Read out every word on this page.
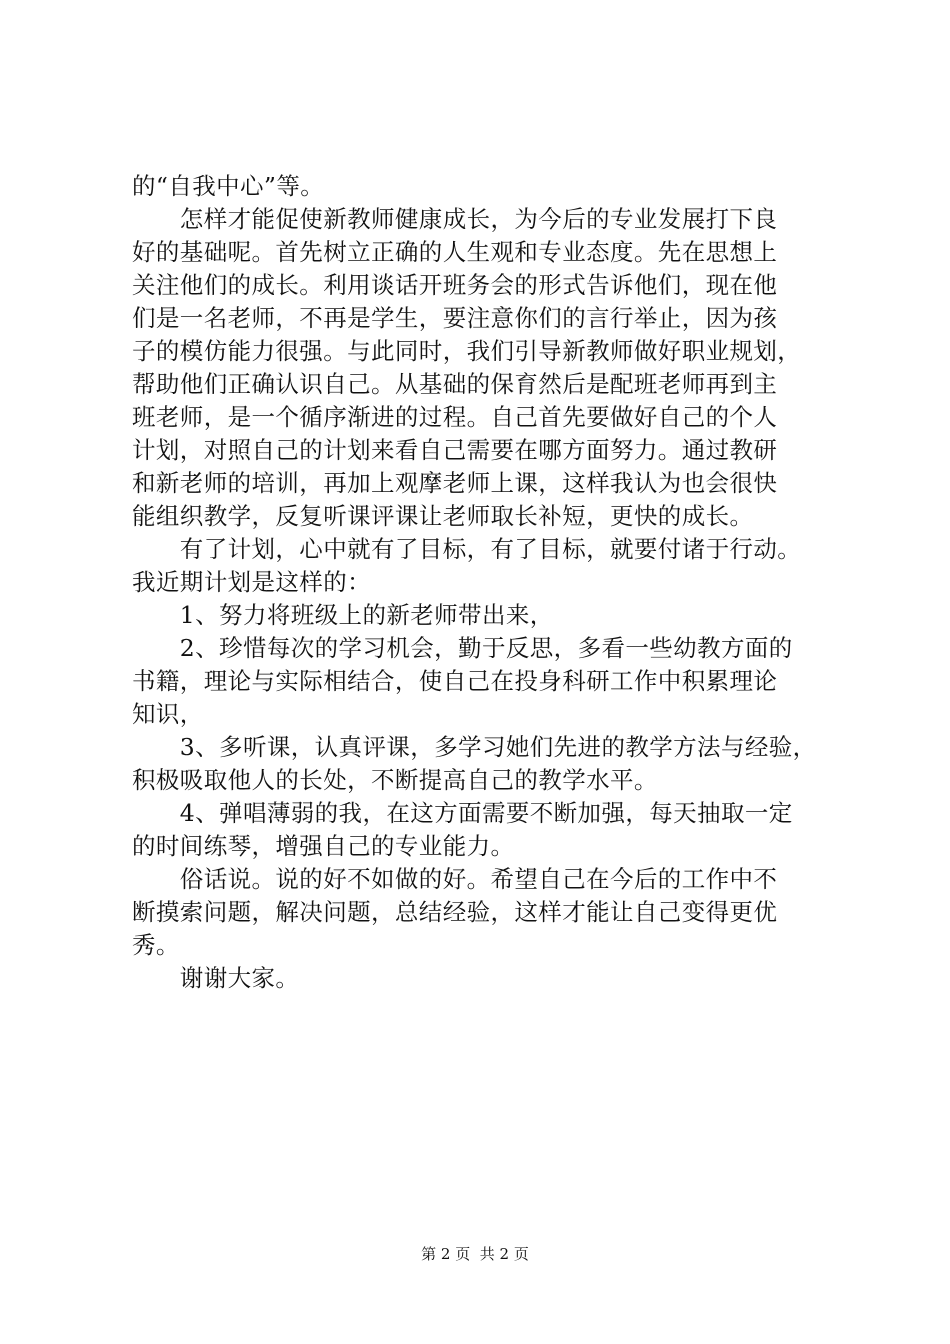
的“自我中心”等。
　　怎样才能促使新教师健康成长，为今后的专业发展打下良
好的基础呢。首先树立正确的人生观和专业态度。先在思想上
关注他们的成长。利用谈话开班务会的形式告诉他们，现在他
们是一名老师，不再是学生，要注意你们的言行举止，因为孩
子的模仿能力很强。与此同时，我们引导新教师做好职业规划，
帮助他们正确认识自己。从基础的保育然后是配班老师再到主
班老师，是一个循序渐进的过程。自己首先要做好自己的个人
计划，对照自己的计划来看自己需要在哪方面努力。通过教研
和新老师的培训，再加上观摩老师上课，这样我认为也会很快
能组织教学，反复听课评课让老师取长补短，更快的成长。
　　有了计划，心中就有了目标，有了目标，就要付诸于行动。
我近期计划是这样的：
　　1、努力将班级上的新老师带出来，
　　2、珍惜每次的学习机会，勤于反思，多看一些幼教方面的
书籍，理论与实际相结合，使自己在投身科研工作中积累理论
知识，
　　3、多听课，认真评课，多学习她们先进的教学方法与经验，
积极吸取他人的长处，不断提高自己的教学水平。
　　4、弹唱薄弱的我，在这方面需要不断加强，每天抽取一定
的时间练琴，增强自己的专业能力。
　　俗话说。说的好不如做的好。希望自己在今后的工作中不
断摸索问题，解决问题，总结经验，这样才能让自己变得更优
秀。
　　谢谢大家。
第 2 页  共 2 页
